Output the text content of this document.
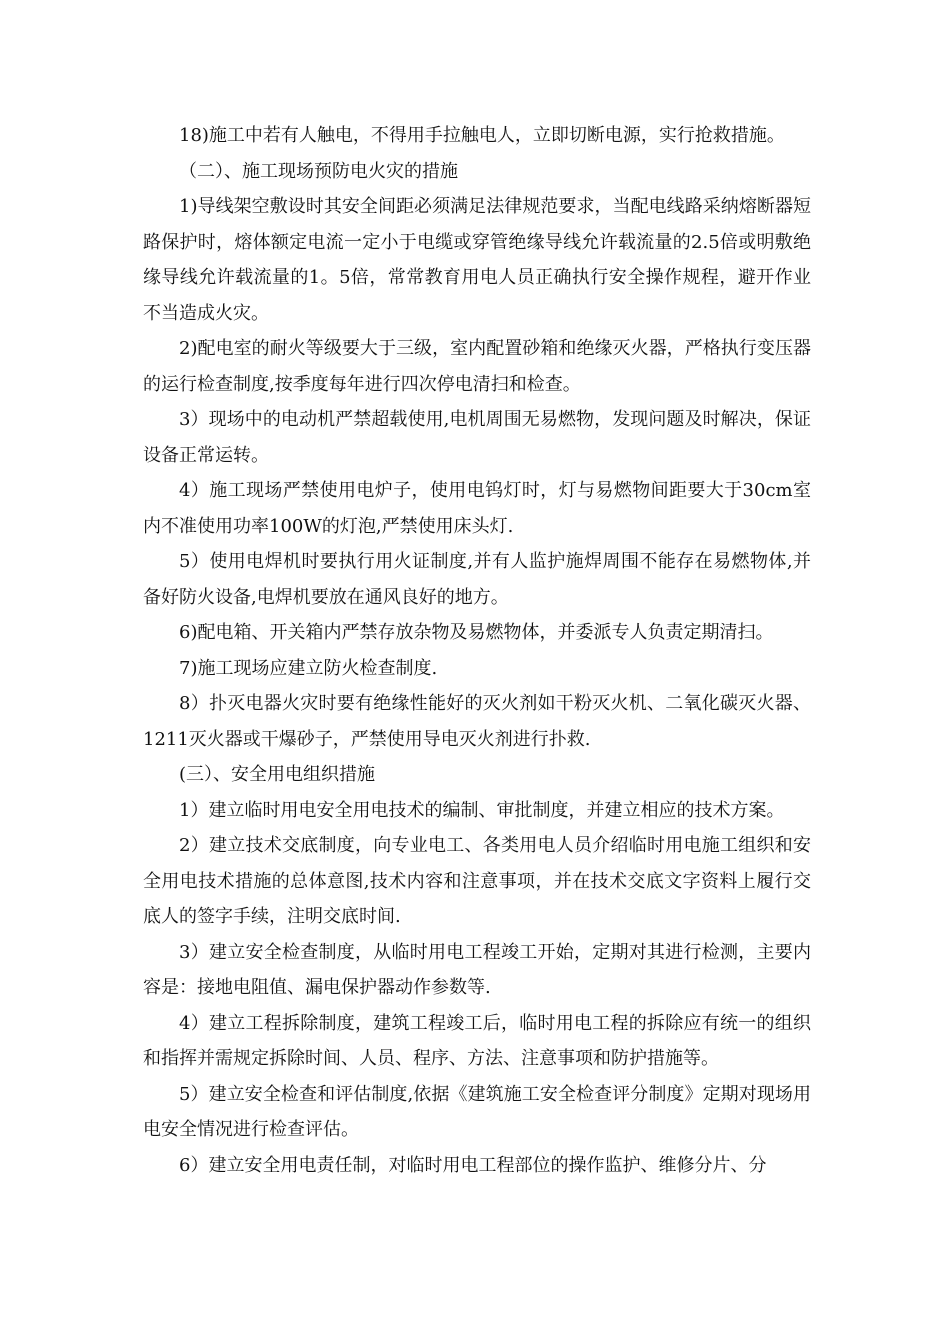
18)施工中若有人触电，不得用手拉触电人，立即切断电源，实行抢救措施。

（二）、施工现场预防电火灾的措施

1)导线架空敷设时其安全间距必须满足法律规范要求，当配电线路采纳熔断器短路保护时，熔体额定电流一定小于电缆或穿管绝缘导线允许载流量的2.5倍或明敷绝缘导线允许载流量的1。5倍，常常教育用电人员正确执行安全操作规程，避开作业不当造成火灾。

2)配电室的耐火等级要大于三级，室内配置砂箱和绝缘灭火器，严格执行变压器的运行检查制度,按季度每年进行四次停电清扫和检查。

3）现场中的电动机严禁超载使用,电机周围无易燃物，发现问题及时解决，保证设备正常运转。

4）施工现场严禁使用电炉子，使用电钨灯时，灯与易燃物间距要大于30cm室内不准使用功率100W的灯泡,严禁使用床头灯.

5）使用电焊机时要执行用火证制度,并有人监护施焊周围不能存在易燃物体,并备好防火设备,电焊机要放在通风良好的地方。

6)配电箱、开关箱内严禁存放杂物及易燃物体，并委派专人负责定期清扫。

7)施工现场应建立防火检查制度.

8）扑灭电器火灾时要有绝缘性能好的灭火剂如干粉灭火机、二氧化碳灭火器、1211灭火器或干爆砂子，严禁使用导电灭火剂进行扑救.

(三）、安全用电组织措施

1）建立临时用电安全用电技术的编制、审批制度，并建立相应的技术方案。

2）建立技术交底制度，向专业电工、各类用电人员介绍临时用电施工组织和安全用电技术措施的总体意图,技术内容和注意事项，并在技术交底文字资料上履行交底人的签字手续，注明交底时间.

3）建立安全检查制度，从临时用电工程竣工开始，定期对其进行检测，主要内容是：接地电阻值、漏电保护器动作参数等.

4）建立工程拆除制度，建筑工程竣工后，临时用电工程的拆除应有统一的组织和指挥并需规定拆除时间、人员、程序、方法、注意事项和防护措施等。

5）建立安全检查和评估制度,依据《建筑施工安全检查评分制度》定期对现场用电安全情况进行检查评估。

6）建立安全用电责任制，对临时用电工程部位的操作监护、维修分片、分
